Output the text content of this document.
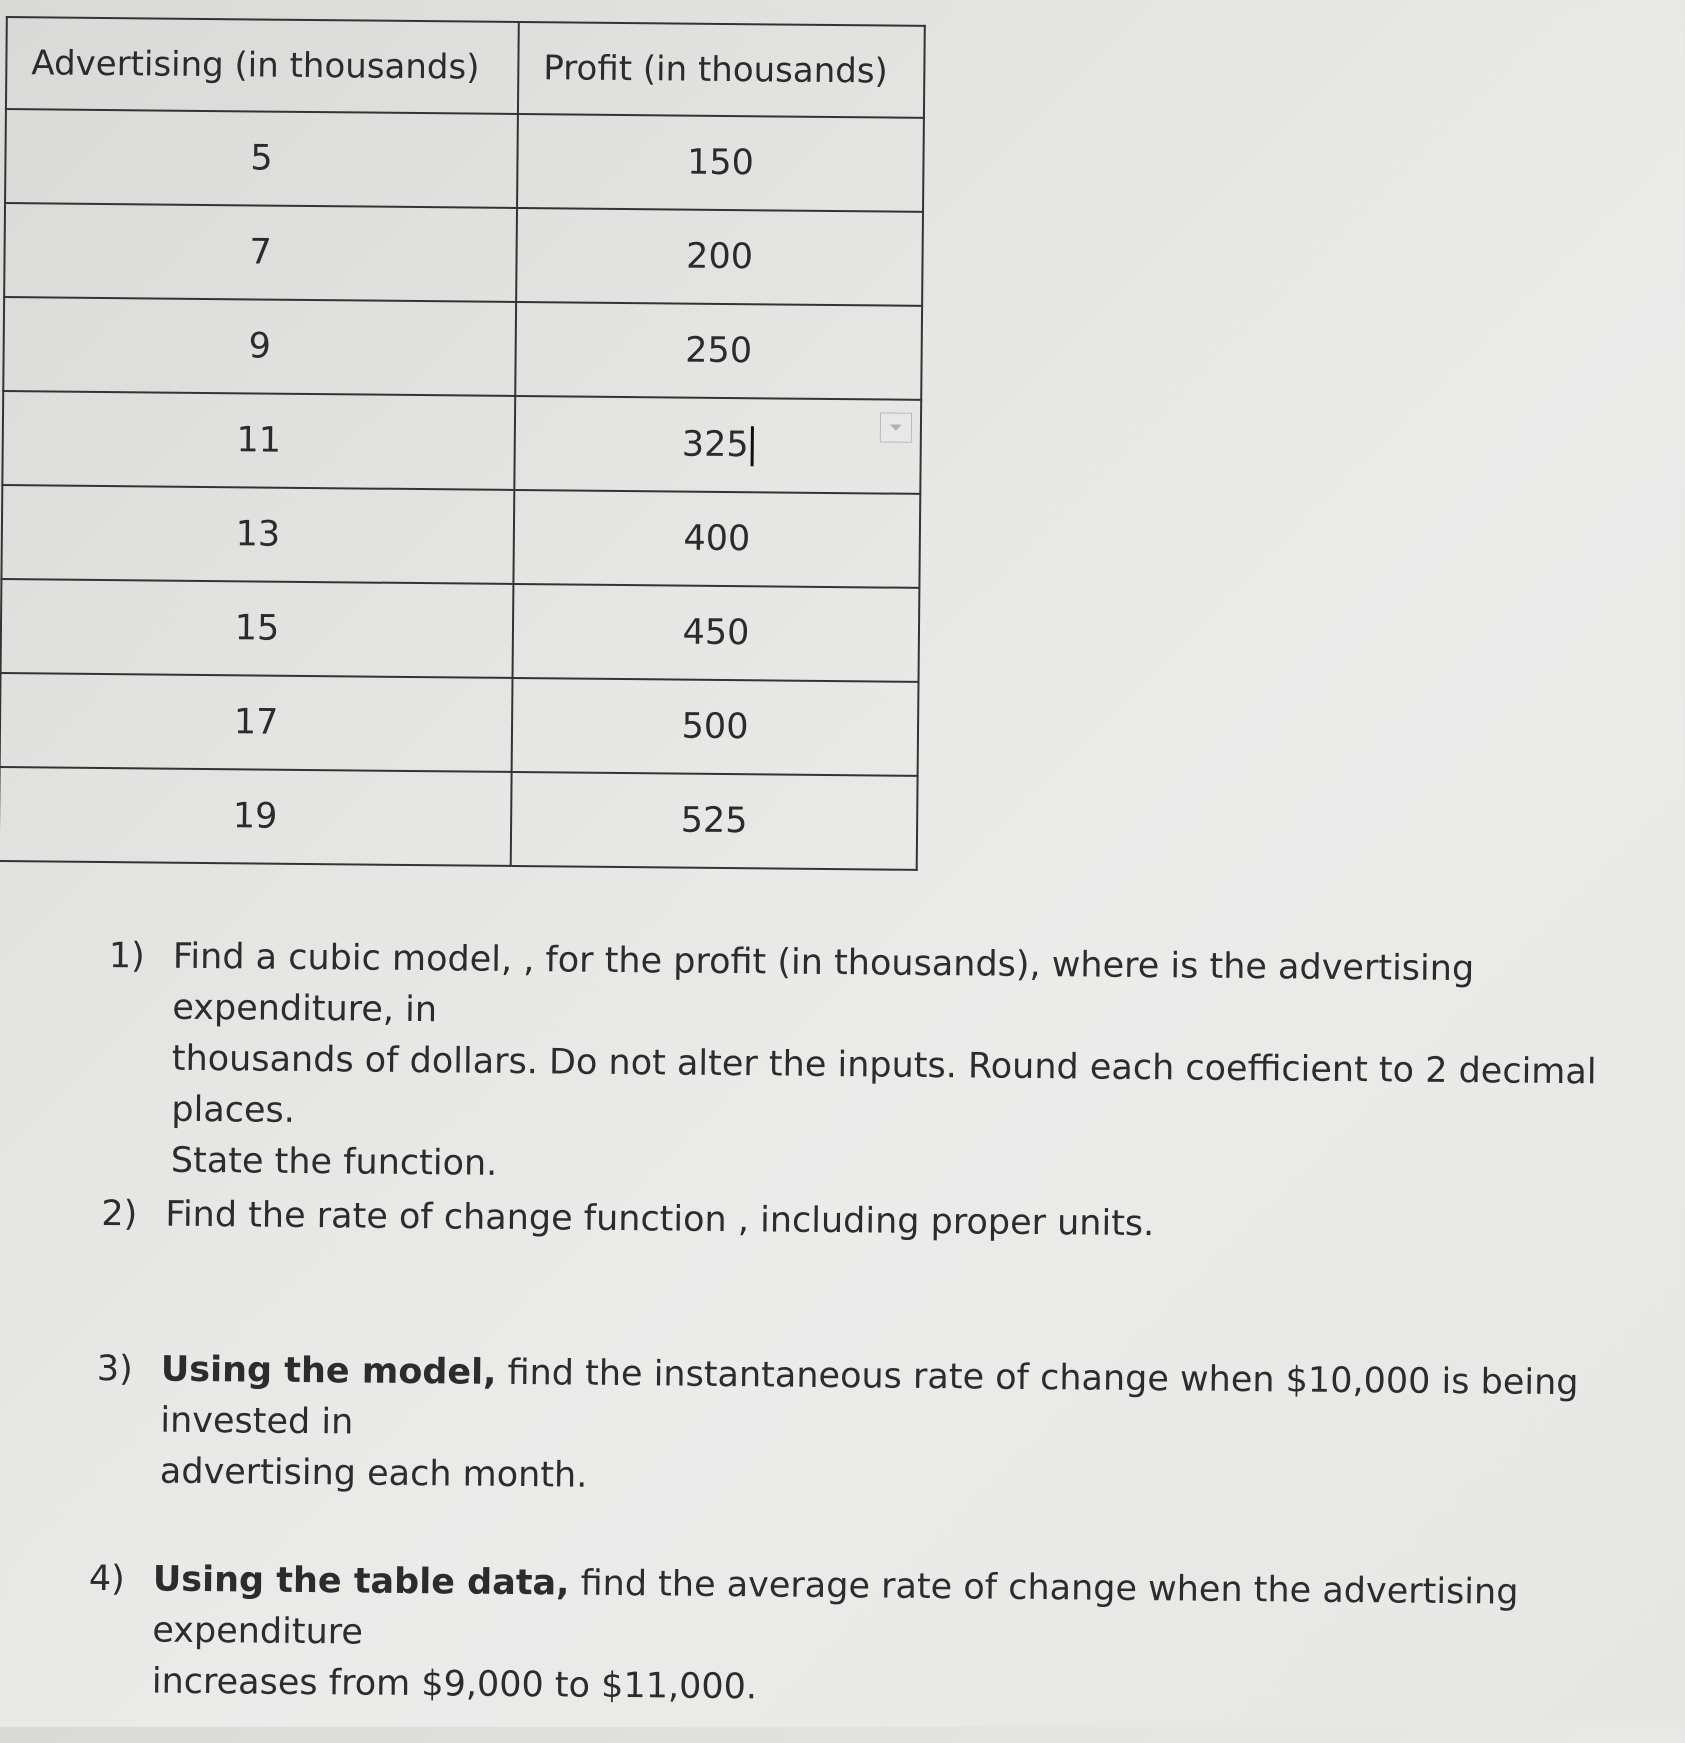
Advertising (in thousands)	Profit (in thousands)
5	150
7	200
9	250
11	325

13	400
15	450
17	500
19	525
1) Find a cubic model, , for the profit (in thousands), where is the advertising expenditure, in
thousands of dollars. Do not alter the inputs. Round each coefficient to 2 decimal places.
State the function.
2) Find the rate of change function , including proper units.
3) Using the model, find the instantaneous rate of change when $10,000 is being invested in
advertising each month.
4) Using the table data, find the average rate of change when the advertising expenditure
increases from $9,000 to $11,000.
